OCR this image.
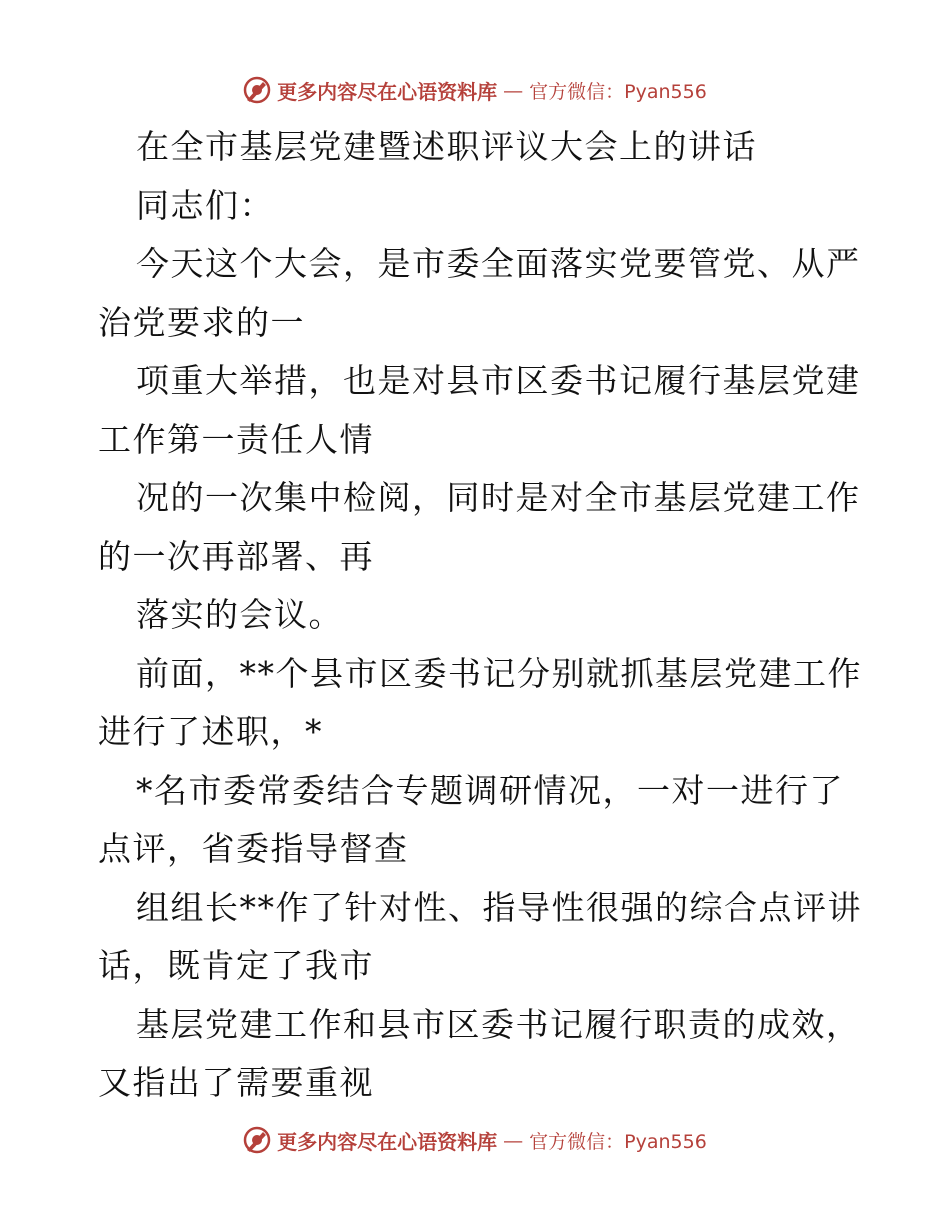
更多内容尽在心语资料库 — 官方微信：Pyan556
在全市基层党建暨述职评议大会上的讲话
同志们：
今天这个大会，是市委全面落实党要管党、从严
治党要求的一
项重大举措，也是对县市区委书记履行基层党建
工作第一责任人情
况的一次集中检阅，同时是对全市基层党建工作
的一次再部署、再
落实的会议。
前面，**个县市区委书记分别就抓基层党建工作
进行了述职，*
*名市委常委结合专题调研情况，一对一进行了
点评，省委指导督查
组组长**作了针对性、指导性很强的综合点评讲
话，既肯定了我市
基层党建工作和县市区委书记履行职责的成效，
又指出了需要重视
更多内容尽在心语资料库 — 官方微信：Pyan556
